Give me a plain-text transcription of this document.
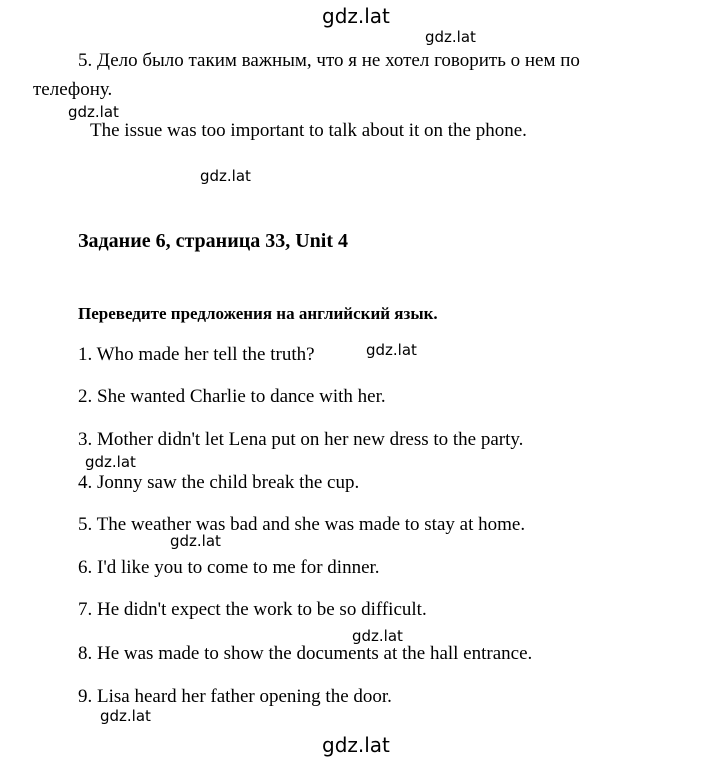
gdz.lat
gdz.lat
gdz.lat
gdz.lat
gdz.lat
gdz.lat
gdz.lat
gdz.lat
gdz.lat
gdz.lat
5. Дело было таким важным, что я не хотел говорить о нем по
телефону.
The issue was too important to talk about it on the phone.
Задание 6, страница 33, Unit 4
Переведите предложения на английский язык.
1. Who made her tell the truth?
2. She wanted Charlie to dance with her.
3. Mother didn't let Lena put on her new dress to the party.
4. Jonny saw the child break the cup.
5. The weather was bad and she was made to stay at home.
6. I'd like you to come to me for dinner.
7. He didn't expect the work to be so difficult.
8. He was made to show the documents at the hall entrance.
9. Lisa heard her father opening the door.
